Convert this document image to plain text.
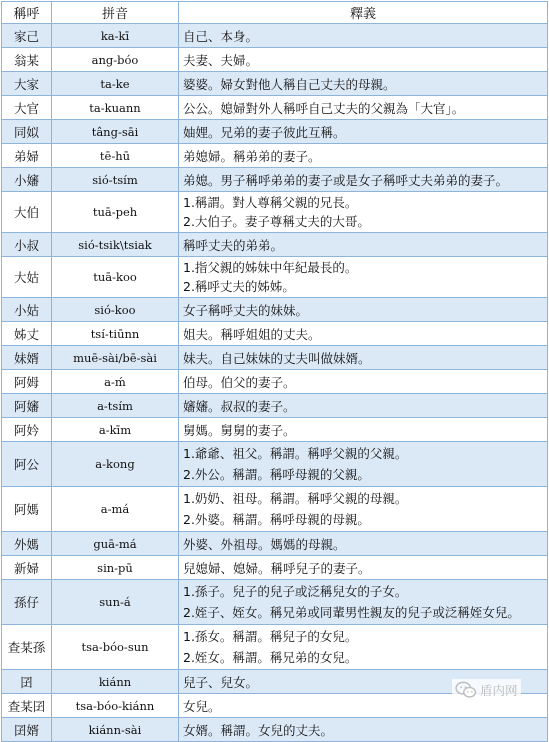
稱呼	拼音	釋義
家己	ka-kī	自己、本身。

翁某	ang-bóo	夫妻、夫婦。

大家	ta-ke	婆婆。婦女對他人稱自己丈夫的母親。

大官	ta-kuann	公公。媳婦對外人稱呼自己丈夫的父親為「大官」。

同姒	tâng-sāi	妯娌。兄弟的妻子彼此互稱。

弟婦	tē-hū	弟媳婦。稱弟弟的妻子。

小嬸	sió-tsím	弟媳。男子稱呼弟弟的妻子或是女子稱呼丈夫弟弟的妻子。

大伯	tuā-peh	1.稱謂。對人尊稱父親的兄長。
2.大伯子。妻子尊稱丈夫的大哥。

小叔	sió-tsik\tsiak	稱呼丈夫的弟弟。

大姑	tuā-koo	1.指父親的姊妹中年紀最長的。
2.稱呼丈夫的姊姊。

小姑	sió-koo	女子稱呼丈夫的妹妹。

姊丈	tsí-tiūnn	姐夫。稱呼姐姐的丈夫。

妹婿	muē-sài/bē-sài	妹夫。自己妹妹的丈夫叫做妹婿。

阿姆	a-ḿ	伯母。伯父的妻子。

阿嬸	a-tsím	嬸嬸。叔叔的妻子。

阿妗	a-kīm	舅媽。舅舅的妻子。

阿公	a-kong	1.爺爺、祖父。稱謂。稱呼父親的父親。
2.外公。稱謂。稱呼母親的父親。

阿媽	a-má	1.奶奶、祖母。稱謂。稱呼父親的母親。
2.外婆。稱謂。稱呼母親的母親。

外媽	guā-má	外婆、外祖母。媽媽的母親。

新婦	sin-pū	兒媳婦、媳婦。稱呼兒子的妻子。

孫仔	sun-á	1.孫子。兒子的兒子或泛稱兒女的子女。
2.姪子、姪女。稱兄弟或同輩男性親友的兒子或泛稱姪女兒。

查某孫	tsa-bóo-sun	1.孫女。稱謂。稱兒子的女兒。
2.姪女。稱謂。稱兄弟的女兒。

囝	kiánn	兒子、兒女。

查某囝	tsa-bóo-kiánn	女兒。

囝婿	kiánn-sài	女婿。稱謂。女兒的丈夫。
盾内网
